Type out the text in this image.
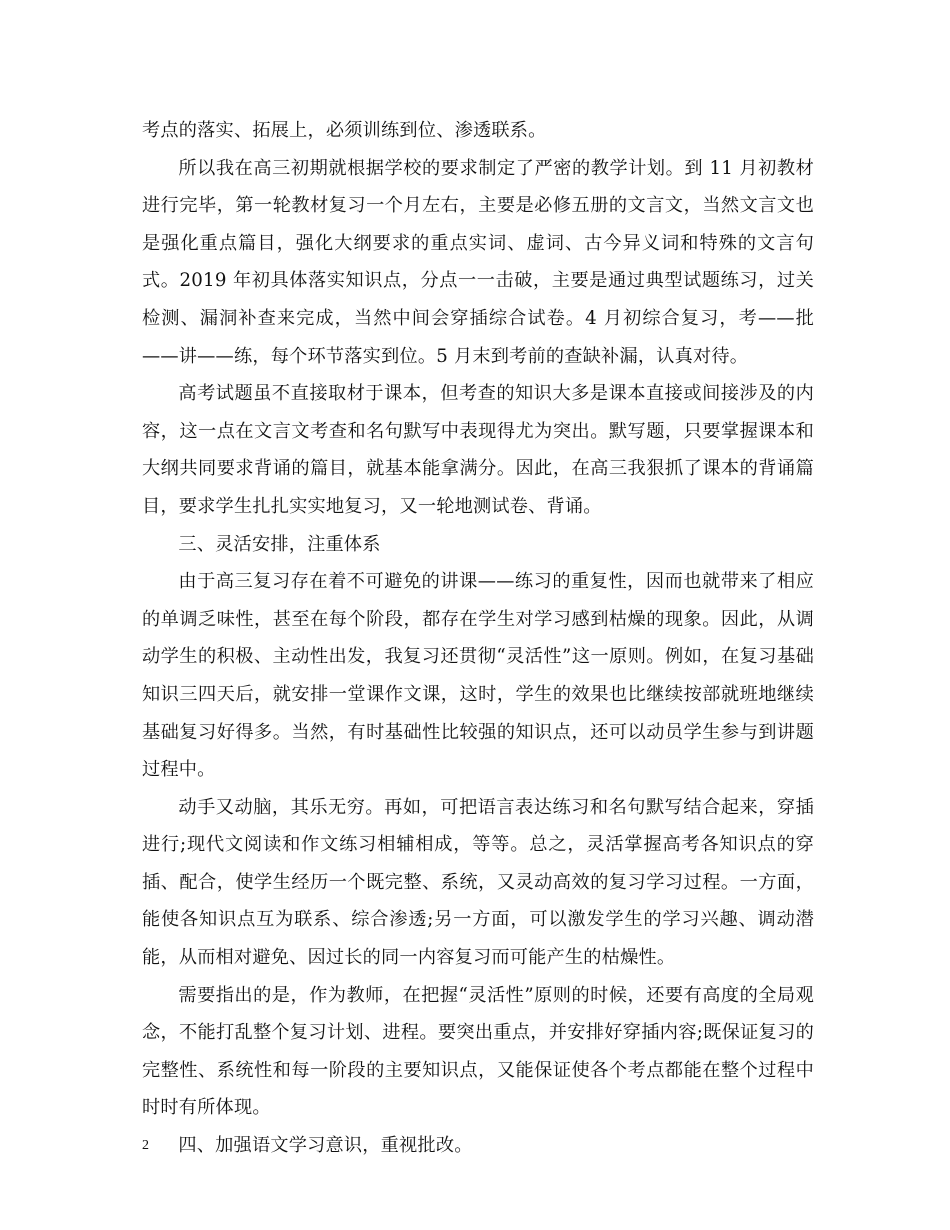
考点的落实、拓展上，必须训练到位、渗透联系。

所以我在高三初期就根据学校的要求制定了严密的教学计划。到 11 月初教材进行完毕，第一轮教材复习一个月左右，主要是必修五册的文言文，当然文言文也是强化重点篇目，强化大纲要求的重点实词、虚词、古今异义词和特殊的文言句式。2019 年初具体落实知识点，分点一一击破，主要是通过典型试题练习，过关检测、漏洞补查来完成，当然中间会穿插综合试卷。4 月初综合复习，考——批——讲——练，每个环节落实到位。5 月末到考前的查缺补漏，认真对待。

高考试题虽不直接取材于课本，但考查的知识大多是课本直接或间接涉及的内容，这一点在文言文考查和名句默写中表现得尤为突出。默写题，只要掌握课本和大纲共同要求背诵的篇目，就基本能拿满分。因此，在高三我狠抓了课本的背诵篇目，要求学生扎扎实实地复习，又一轮地测试卷、背诵。

三、灵活安排，注重体系

由于高三复习存在着不可避免的讲课——练习的重复性，因而也就带来了相应的单调乏味性，甚至在每个阶段，都存在学生对学习感到枯燥的现象。因此，从调动学生的积极、主动性出发，我复习还贯彻“灵活性”这一原则。例如，在复习基础知识三四天后，就安排一堂课作文课，这时，学生的效果也比继续按部就班地继续基础复习好得多。当然，有时基础性比较强的知识点，还可以动员学生参与到讲题过程中。

动手又动脑，其乐无穷。再如，可把语言表达练习和名句默写结合起来，穿插进行;现代文阅读和作文练习相辅相成，等等。总之，灵活掌握高考各知识点的穿插、配合，使学生经历一个既完整、系统，又灵动高效的复习学习过程。一方面，能使各知识点互为联系、综合渗透;另一方面，可以激发学生的学习兴趣、调动潜能，从而相对避免、因过长的同一内容复习而可能产生的枯燥性。

需要指出的是，作为教师，在把握“灵活性”原则的时候，还要有高度的全局观念，不能打乱整个复习计划、进程。要突出重点，并安排好穿插内容;既保证复习的完整性、系统性和每一阶段的主要知识点，又能保证使各个考点都能在整个过程中时时有所体现。

四、加强语文学习意识，重视批改。

2
